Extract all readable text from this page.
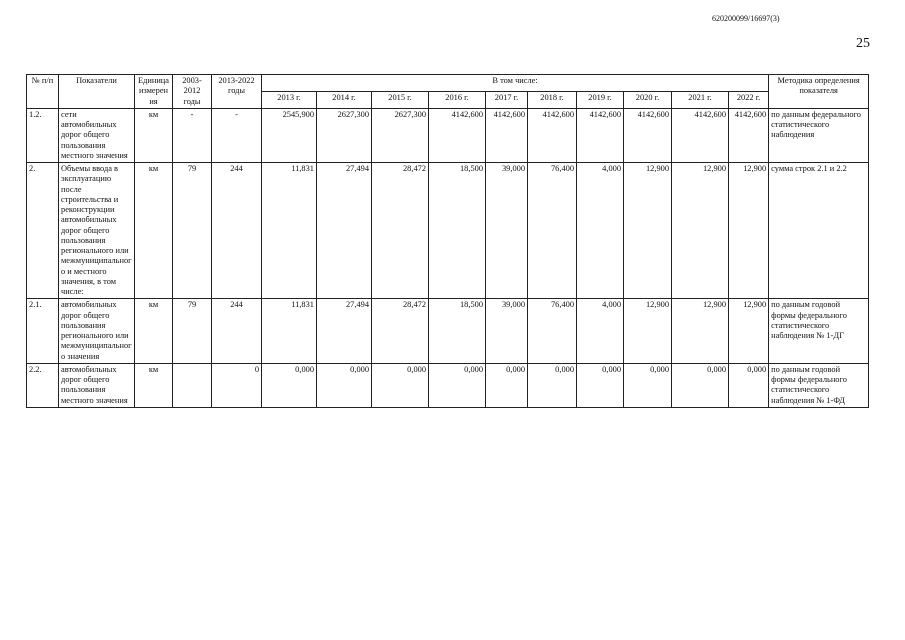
620200099/16697(3)
25
№ п/п	Показатели	Единица измерения	2003-2012 годы	2013-2022 годы	В том числе:										Методика определения показателя
					2013 г.	2014 г.	2015 г.	2016 г.	2017 г.	2018 г.	2019 г.	2020 г.	2021 г.	2022 г.	
1.2.	сети автомобильных дорог общего пользования местного значения	км	-	-	2545,900	2627,300	2627,300	4142,600	4142,600	4142,600	4142,600	4142,600	4142,600	4142,600	по данным федерального статистического наблюдения
2.	Объемы ввода в эксплуатацию после строительства и реконструкции автомобильных дорог общего пользования регионального или межмуниципального и местного значения, в том числе:	км	79	244	11,831	27,494	28,472	18,500	39,000	76,400	4,000	12,900	12,900	12,900	сумма строк 2.1 и 2.2
2.1.	автомобильных дорог общего пользования регионального или межмуниципального значения	км	79	244	11,831	27,494	28,472	18,500	39,000	76,400	4,000	12,900	12,900	12,900	по данным годовой формы федерального статистического наблюдения № 1-ДГ
2.2.	автомобильных дорог общего пользования местного значения	км		0	0,000	0,000	0,000	0,000	0,000	0,000	0,000	0,000	0,000	0,000	по данным годовой формы федерального статистического наблюдения № 1-ФД
